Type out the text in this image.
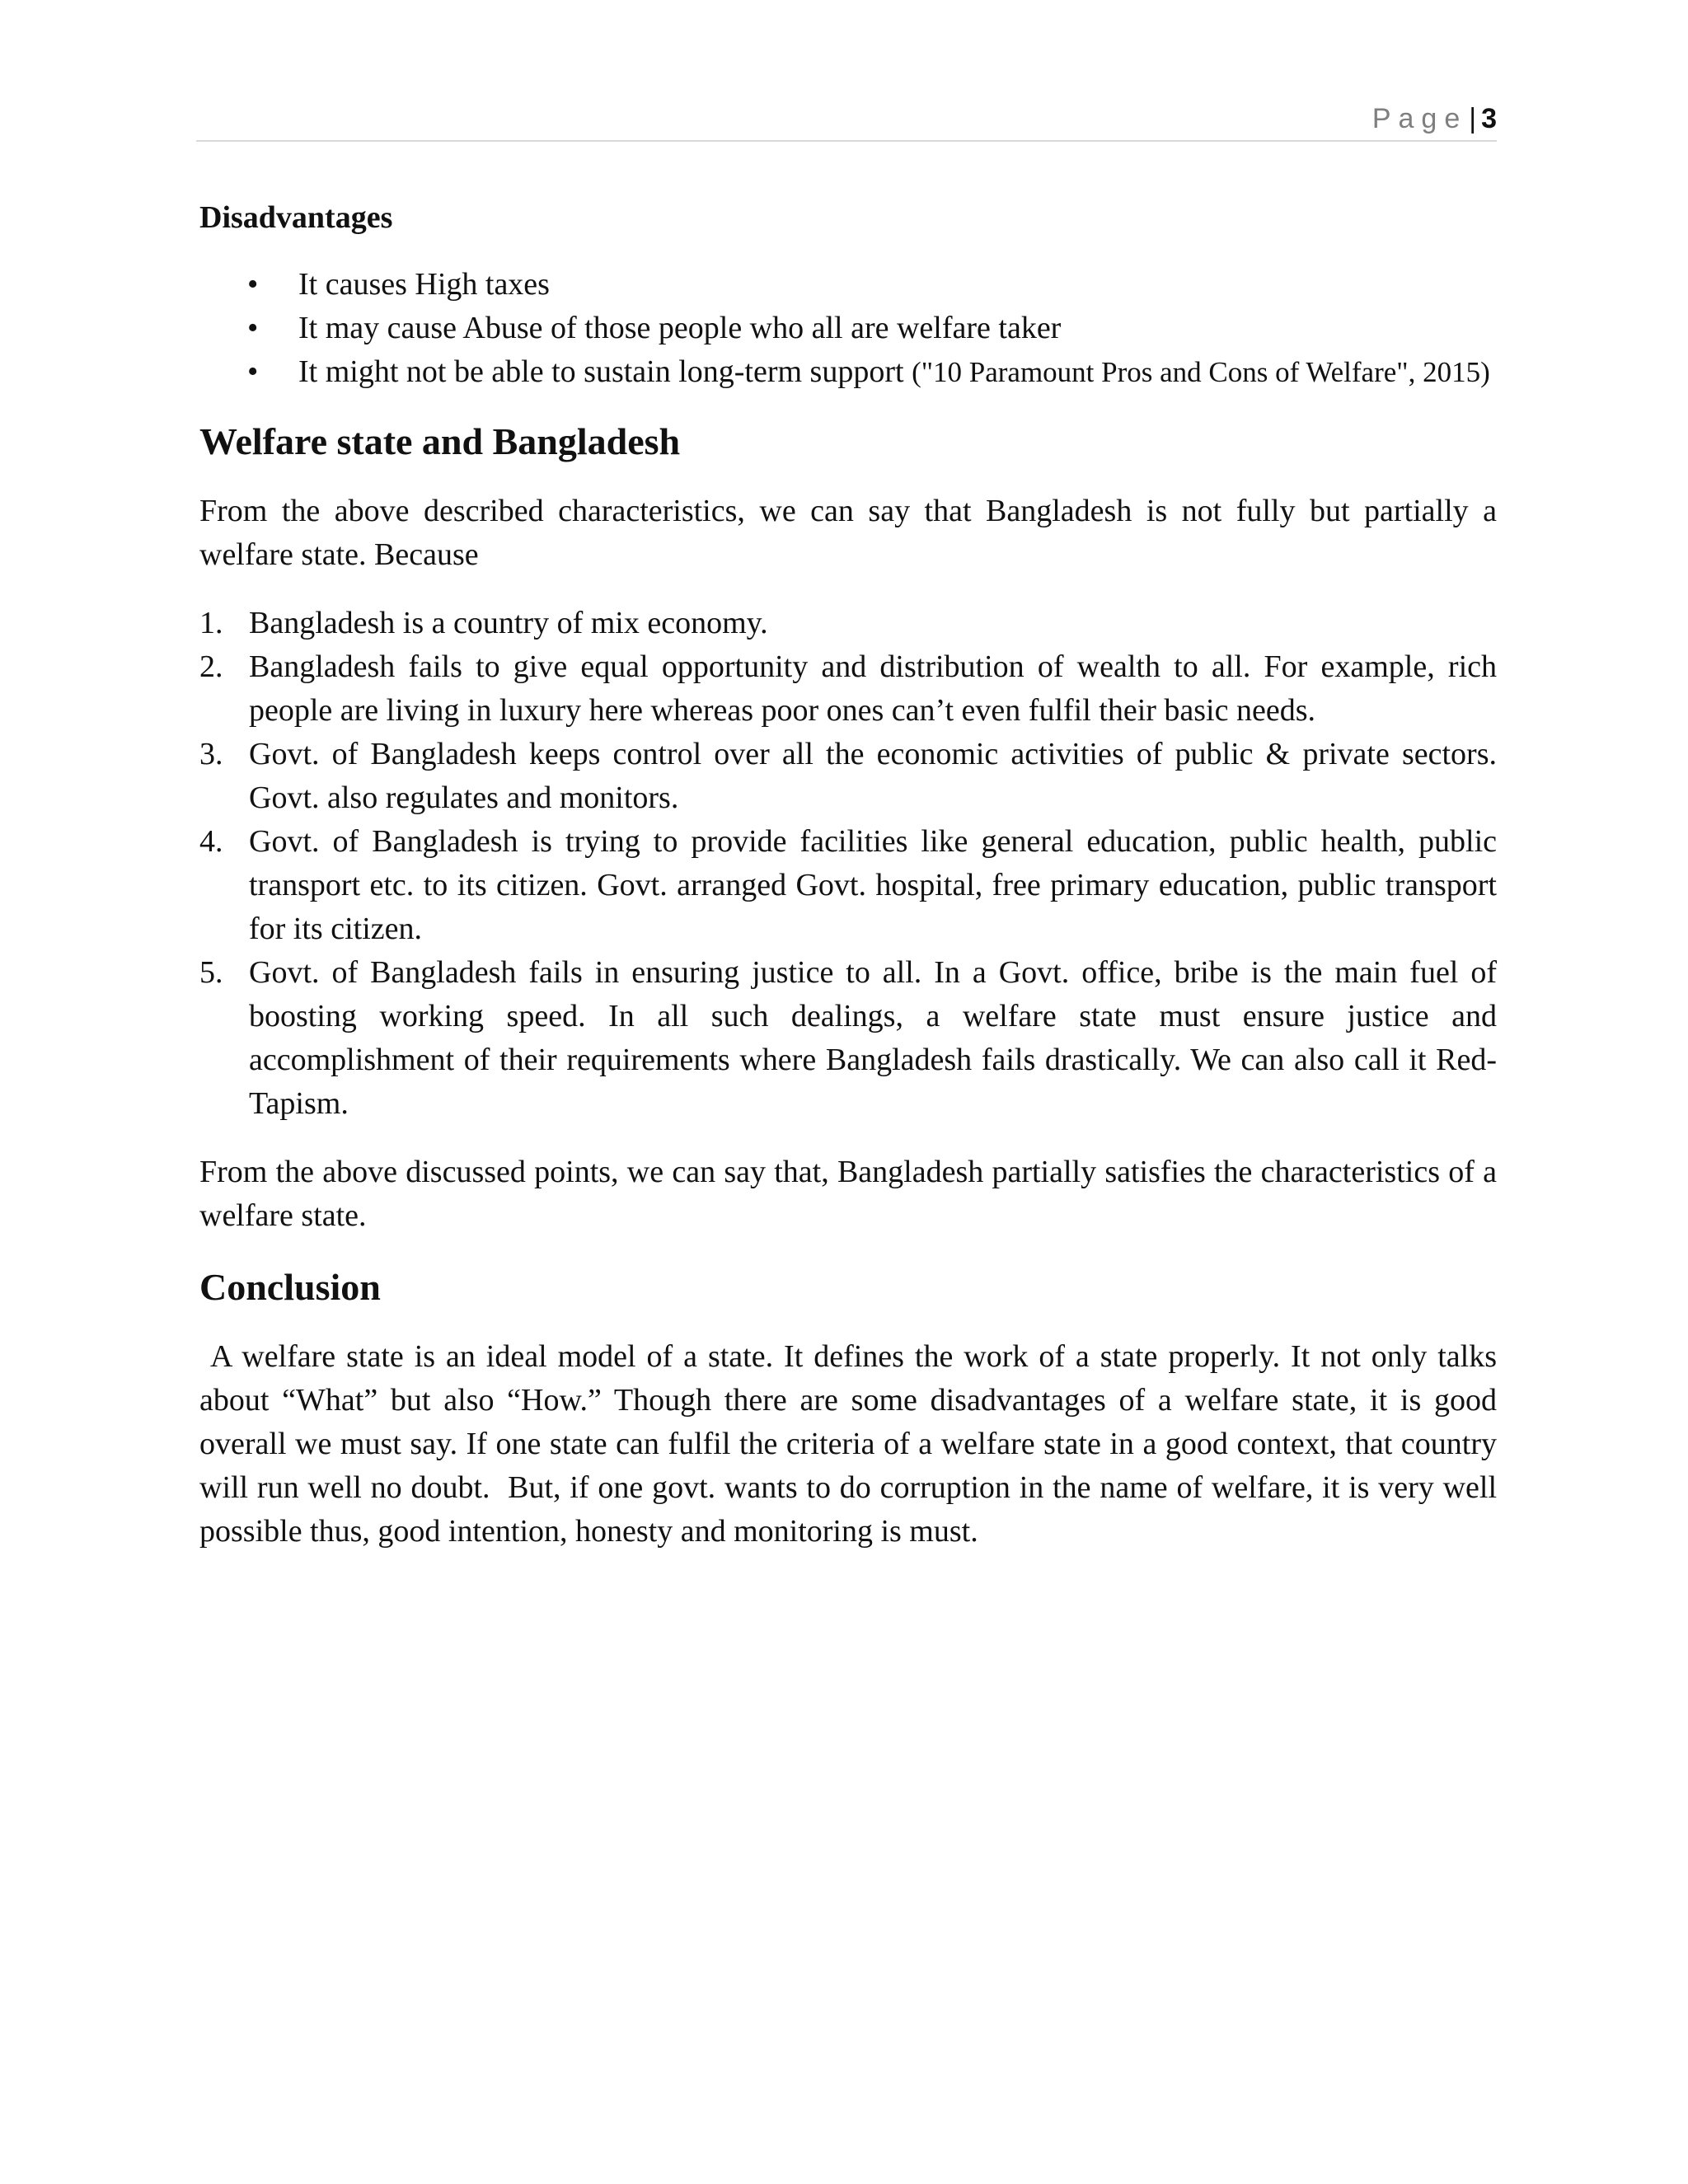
Page| 3
Disadvantages
• It causes High taxes
• It may cause Abuse of those people who all are welfare taker
• It might not be able to sustain long-term support ("10 Paramount Pros and Cons of Welfare", 2015)
Welfare state and Bangladesh

From the above described characteristics, we can say that Bangladesh is not fully but partially a welfare state. Because

1. Bangladesh is a country of mix economy.
2. Bangladesh fails to give equal opportunity and distribution of wealth to all. For example, rich people are living in luxury here whereas poor ones can’t even fulfil their basic needs.
3. Govt. of Bangladesh keeps control over all the economic activities of public & private sectors. Govt. also regulates and monitors.
4. Govt. of Bangladesh is trying to provide facilities like general education, public health, public transport etc. to its citizen. Govt. arranged Govt. hospital, free primary education, public transport for its citizen.
5. Govt. of Bangladesh fails in ensuring justice to all. In a Govt. office, bribe is the main fuel of boosting working speed. In all such dealings, a welfare state must ensure justice and accomplishment of their requirements where Bangladesh fails drastically. We can also call it Red-Tapism.

From the above discussed points, we can say that, Bangladesh partially satisfies the characteristics of a welfare state.

Conclusion

A welfare state is an ideal model of a state. It defines the work of a state properly. It not only talks about “What” but also “How.” Though there are some disadvantages of a welfare state, it is good overall we must say. If one state can fulfil the criteria of a welfare state in a good context, that country will run well no doubt.  But, if one govt. wants to do corruption in the name of welfare, it is very well possible thus, good intention, honesty and monitoring is must.
